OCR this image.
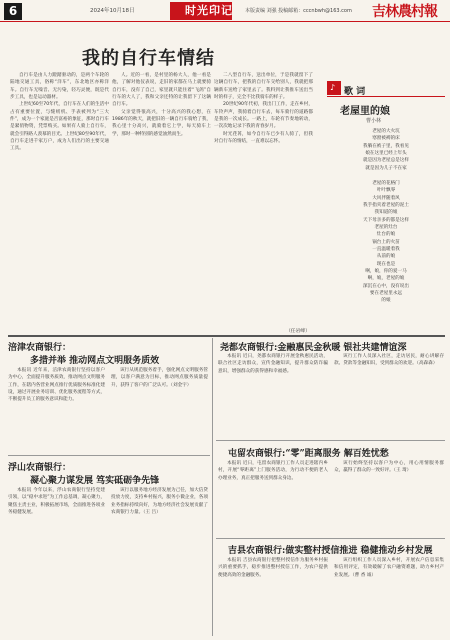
6	2024年10月18日	时光印记 本版责编 刘强 投稿邮箱：cccnbwh@163.com 吉林農村報
我的自行车情结

自行车是由人力蹬踏驱动的，是两个车轮的陆地交通工具，俗称“洋车”，东北地区亦称洋车。自行车无噪音、无污染，轻巧灵便，既是代步工具，也是运动器材。

上世纪60至70年代，自行车在人们的生活中占有重要位置，与缝纫机、手表被列为“三大件”，成为一个家庭是否富裕的象征，那时自行车是紧俏物资，凭票购买。如果有人骑上自行车，就会引得路人羡慕的目光。上世纪80至90年代，自行车走进千家万户，成为人们出行的主要交通工具。

人。近的一看，是村里的杨大人，他一看是他，了解对他仪表说，走旧的家都在马上就要骑自行车，没有了自己，家里就只能住着“飞鸽”自行车的大人了，我和父亲还特的让我留下了这辆自行车。

父亲觉得很高兴，十分高兴的我心想，在1986年的秋天，就把旧的一辆自行车骑给了我，我心里十分高兴，就骑着它上学，每天骑车上学，那时一种特别的感觉油然而生。

二八型自行车，送出单位，于是我就留下了这辆自行车，把我的自行车交给别人，我就把那辆新车送给了家里去了。我料到让我推车送出当时的样子，完全不比我骑车的样子。

20世纪90年代初，我出门工作，走在乡村，车铃声声，我骑着自行车去，每车骑行的道路都是我的一次成长。一路上，车轮有节奏地转动，一次次地记录下我的青春岁月。

时光荏苒，如今自行车已少有人骑了，但我对自行车的情结，一直难以忘怀。

（任岩峰）
♪ 歌 词
老屋里的娘
曹小林
老屋的大火坑
寒窗被褥的床
我躺在被子里，我看见
娘在这里已经上年头
就是因为老屋总是这样
就是因为儿子不在家
老屋的花格门
叶叶飘零
大风伴随着风
我手指夹着老屋的泥土
我知道的娘
天下母亲多的都是这样
老屋的灶台
灶台的娘
锅台上的火苗
一直温暖着我
从前的娘
现在也是
啊，娘，你的爱一马
啊，娘，老屋的娘
深沉在心中，没有说出
要在老屋里永远
的娘
涪津农商银行：
多措并举 推动网点文明服务质效

本报讯 近年来，涪津农商银行坚持以客户为中心，全面提升服务质效，推动网点文明服务工作，在辖内各营业网点推行优质服务标准化建设，通过开展业务培训、优化服务流程等方式，不断提升员工的服务意识和能力。

该行从规范服务着手，强化网点文明服务管理，以客户满意为目标，推动网点服务质量提升，获得了客户的广泛认可。（刘金宇）

浮山农商银行：
凝心聚力谋发展 笃实砥砺争先锋

本报讯 今年以来，浮山农商银行坚持党建引领，以“稳中求进”为工作总基调，凝心聚力，聚焦主责主业，积极拓展市场，全面推进各项业务稳健发展。

该行以服务地方经济发展为己任，加大信贷投放力度，支持乡村振兴，服务小微企业，各项业务指标持续向好，为地方经济社会发展贡献了农商银行力量。（王 吕）

尧都农商银行:金融惠民金秋暖 银社共建情谊深

本报讯 近日，尧都农商银行开展金秋惠民活动，联合社区走访群众，宣传金融知识，提升群众防诈骗意识，增强群众的获得感和幸福感。

该行工作人员深入社区，走访居民，耐心讲解存款、贷款等金融知识，受到群众的欢迎。（高森森）

屯留农商银行:“零”距离服务 解百姓忧愁

本报讯 近日，屯留农商银行工作人员走进辖内乡村，开展“零距离”上门服务活动，为行动不便的老人办理业务，真正把服务送到群众身边。

该行始终坚持以客户为中心，用心用情服务群众，赢得了群众的一致好评。（王 琦）

吉县农商银行:做实整村授信推进 稳健推动乡村发展

本报讯 吉县农商银行把整村授信作为服务乡村振兴的重要抓手，稳步推进整村授信工作，为农户提供便捷高效的金融服务。

该行组织工作人员深入乡村，开展农户信息采集和信用评定，有效破解了农户融资难题，助力乡村产业发展。（曹 香 诚）
